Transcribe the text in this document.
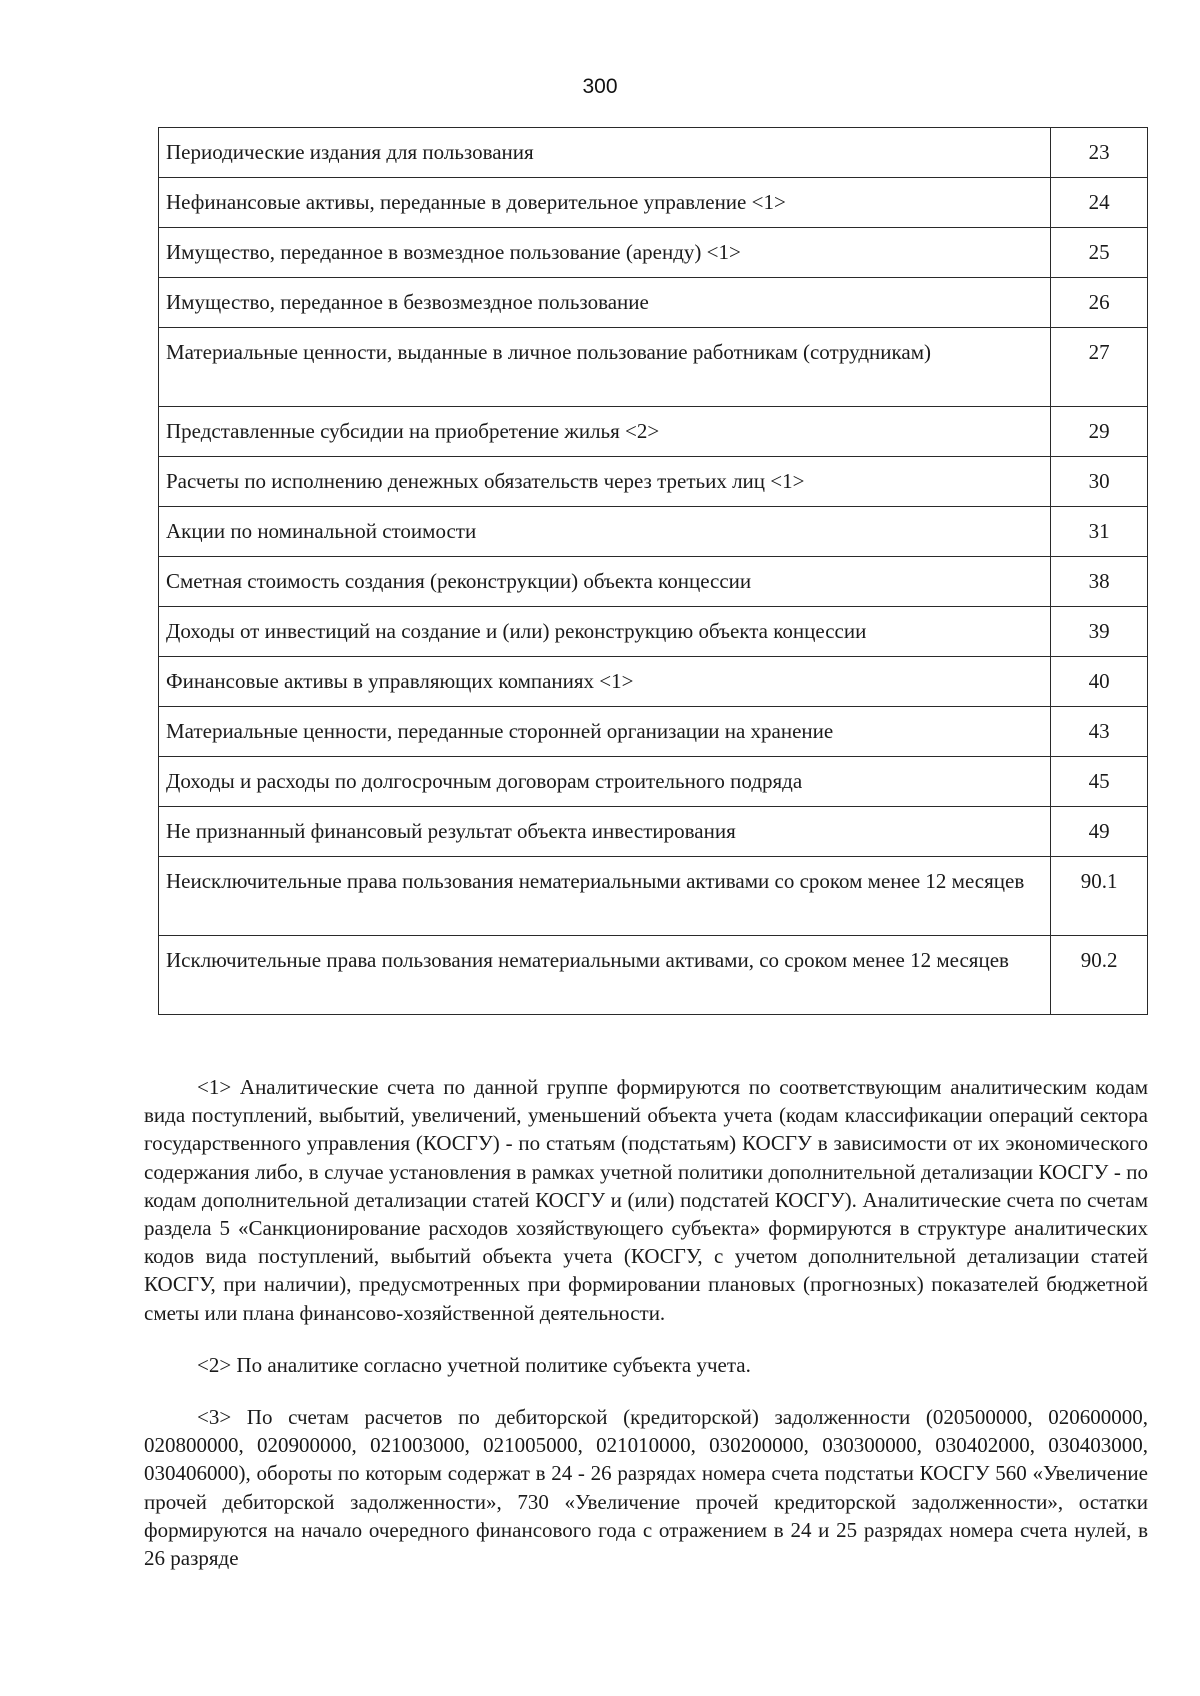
300
Периодические издания для пользования	23
Нефинансовые активы, переданные в доверительное управление <1>	24
Имущество, переданное в возмездное пользование (аренду) <1>	25
Имущество, переданное в безвозмездное пользование	26
Материальные ценности, выданные в личное пользование работникам (сотрудникам)	27
Представленные субсидии на приобретение жилья <2>	29
Расчеты по исполнению денежных обязательств через третьих лиц <1>	30
Акции по номинальной стоимости	31
Сметная стоимость создания (реконструкции) объекта концессии	38
Доходы от инвестиций на создание и (или) реконструкцию объекта концессии	39
Финансовые активы в управляющих компаниях <1>	40
Материальные ценности, переданные сторонней организации на хранение	43
Доходы и расходы по долгосрочным договорам строительного подряда	45
Не признанный финансовый результат объекта инвестирования	49
Неисключительные права пользования нематериальными активами со сроком менее 12 месяцев	90.1
Исключительные права пользования нематериальными активами, со сроком менее 12 месяцев	90.2

<1> Аналитические счета по данной группе формируются по соответствующим аналитическим кодам вида поступлений, выбытий, увеличений, уменьшений объекта учета (кодам классификации операций сектора государственного управления (КОСГУ) - по статьям (подстатьям) КОСГУ в зависимости от их экономического содержания либо, в случае установления в рамках учетной политики дополнительной детализации КОСГУ - по кодам дополнительной детализации статей КОСГУ и (или) подстатей КОСГУ). Аналитические счета по счетам раздела 5 «Санкционирование расходов хозяйствующего субъекта» формируются в структуре аналитических кодов вида поступлений, выбытий объекта учета (КОСГУ, с учетом дополнительной детализации статей КОСГУ, при наличии), предусмотренных при формировании плановых (прогнозных) показателей бюджетной сметы или плана финансово-хозяйственной деятельности.

<2> По аналитике согласно учетной политике субъекта учета.

<3> По счетам расчетов по дебиторской (кредиторской) задолженности (020500000, 020600000, 020800000, 020900000, 021003000, 021005000, 021010000, 030200000, 030300000, 030402000, 030403000, 030406000), обороты по которым содержат в 24 - 26 разрядах номера счета подстатьи КОСГУ 560 «Увеличение прочей дебиторской задолженности», 730 «Увеличение прочей кредиторской задолженности», остатки формируются на начало очередного финансового года с отражением в 24 и 25 разрядах номера счета нулей, в 26 разряде
